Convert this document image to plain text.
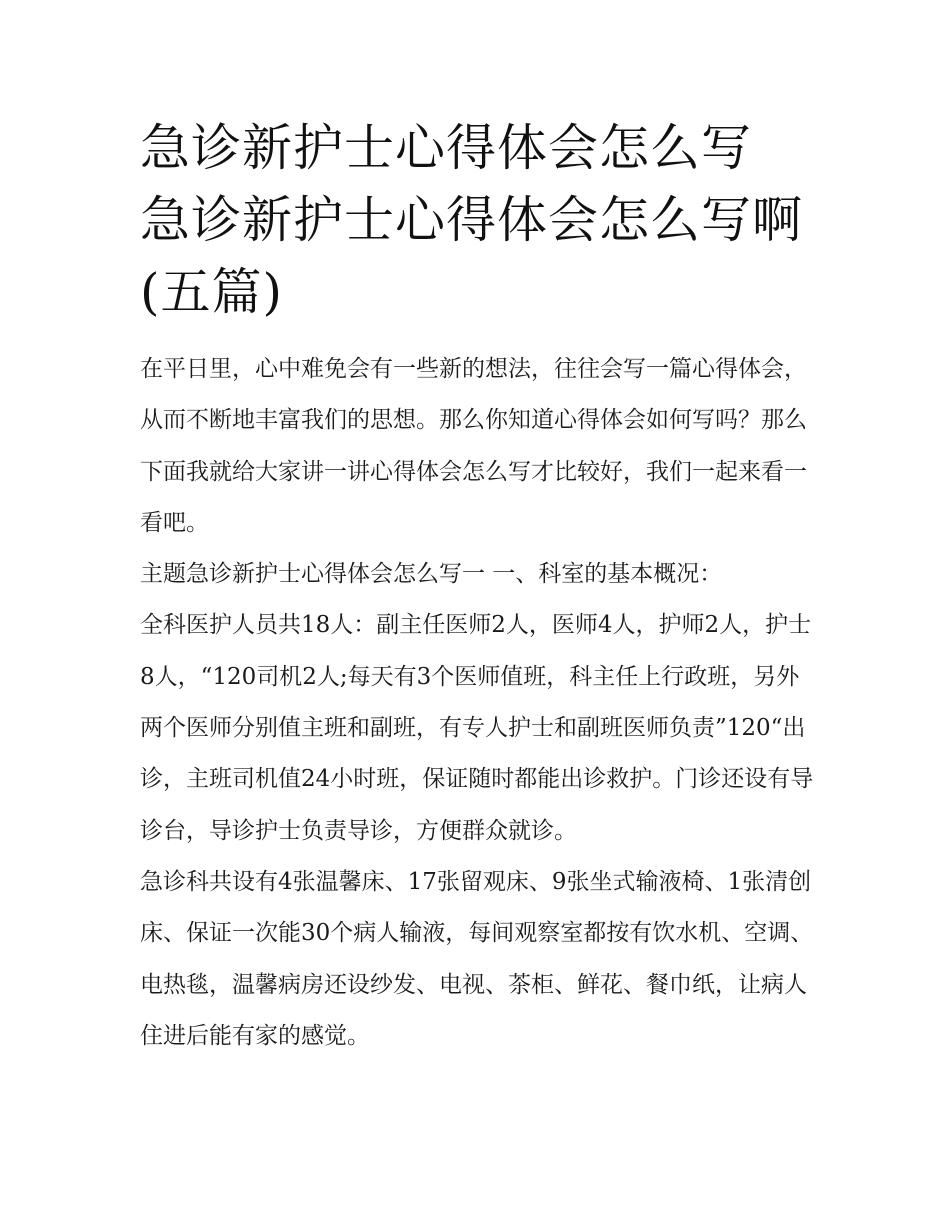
急诊新护士心得体会怎么写 急诊新护士心得体会怎么写啊(五篇)

在平日里，心中难免会有一些新的想法，往往会写一篇心得体会，从而不断地丰富我们的思想。那么你知道心得体会如何写吗？那么下面我就给大家讲一讲心得体会怎么写才比较好，我们一起来看一看吧。

主题急诊新护士心得体会怎么写一 一、科室的基本概况：

全科医护人员共18人：副主任医师2人，医师4人，护师2人，护士8人，“120司机2人;每天有3个医师值班，科主任上行政班，另外两个医师分别值主班和副班，有专人护士和副班医师负责”120“出诊，主班司机值24小时班，保证随时都能出诊救护。门诊还设有导诊台，导诊护士负责导诊，方便群众就诊。

急诊科共设有4张温馨床、17张留观床、9张坐式输液椅、1张清创床、保证一次能30个病人输液，每间观察室都按有饮水机、空调、电热毯，温馨病房还设纱发、电视、茶柜、鲜花、餐巾纸，让病人住进后能有家的感觉。
